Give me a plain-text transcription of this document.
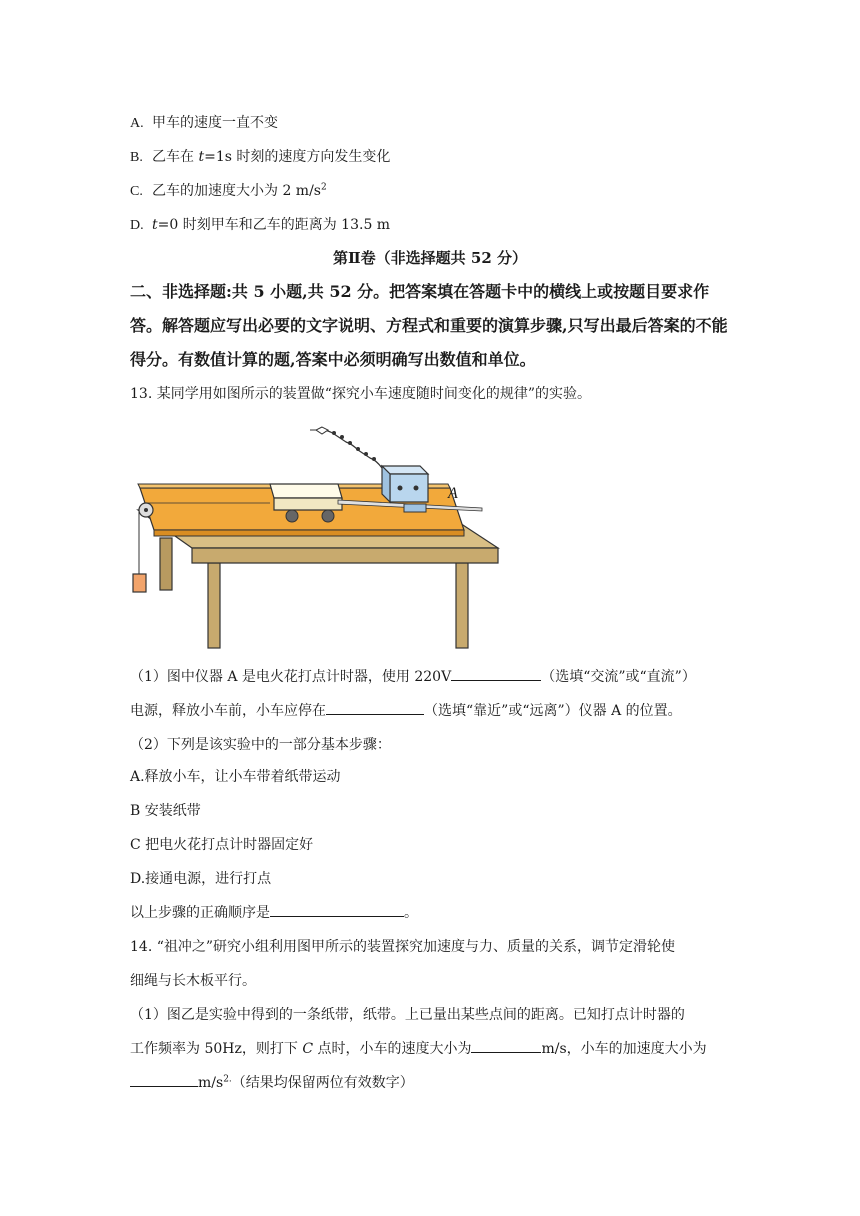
A. 甲车的速度一直不变
B. 乙车在 t=1s 时刻的速度方向发生变化
C. 乙车的加速度大小为 2 $m/s^2$
D. t=0 时刻甲车和乙车的距离为 13.5 m
第Ⅱ卷（非选择题共 52 分）
二、非选择题:共 5 小题,共 52 分。把答案填在答题卡中的横线上或按题目要求作答。解答题应写出必要的文字说明、方程式和重要的演算步骤,只写出最后答案的不能得分。有数值计算的题,答案中必须明确写出数值和单位。
13. 某同学用如图所示的装置做“探究小车速度随时间变化的规律”的实验。
A
（1）图中仪器 A 是电火花打点计时器，使用 220V	（选填“交流”或“直流”）
电源，释放小车前，小车应停在	（选填“靠近”或“远离”）仪器 A 的位置。
（2）下列是该实验中的一部分基本步骤：
A.释放小车，让小车带着纸带运动
B 安装纸带
C 把电火花打点计时器固定好
D.接通电源，进行打点
以上步骤的正确顺序是	。
14. “祖冲之”研究小组利用图甲所示的装置探究加速度与力、质量的关系，调节定滑轮使
细绳与长木板平行。
（1）图乙是实验中得到的一条纸带，纸带。上已量出某些点间的距离。已知打点计时器的
工作频率为 50Hz，则打下 C 点时，小车的速度大小为	m/s，小车的加速度大小为
$m/s^{2.}$（结果均保留两位有效数字）
